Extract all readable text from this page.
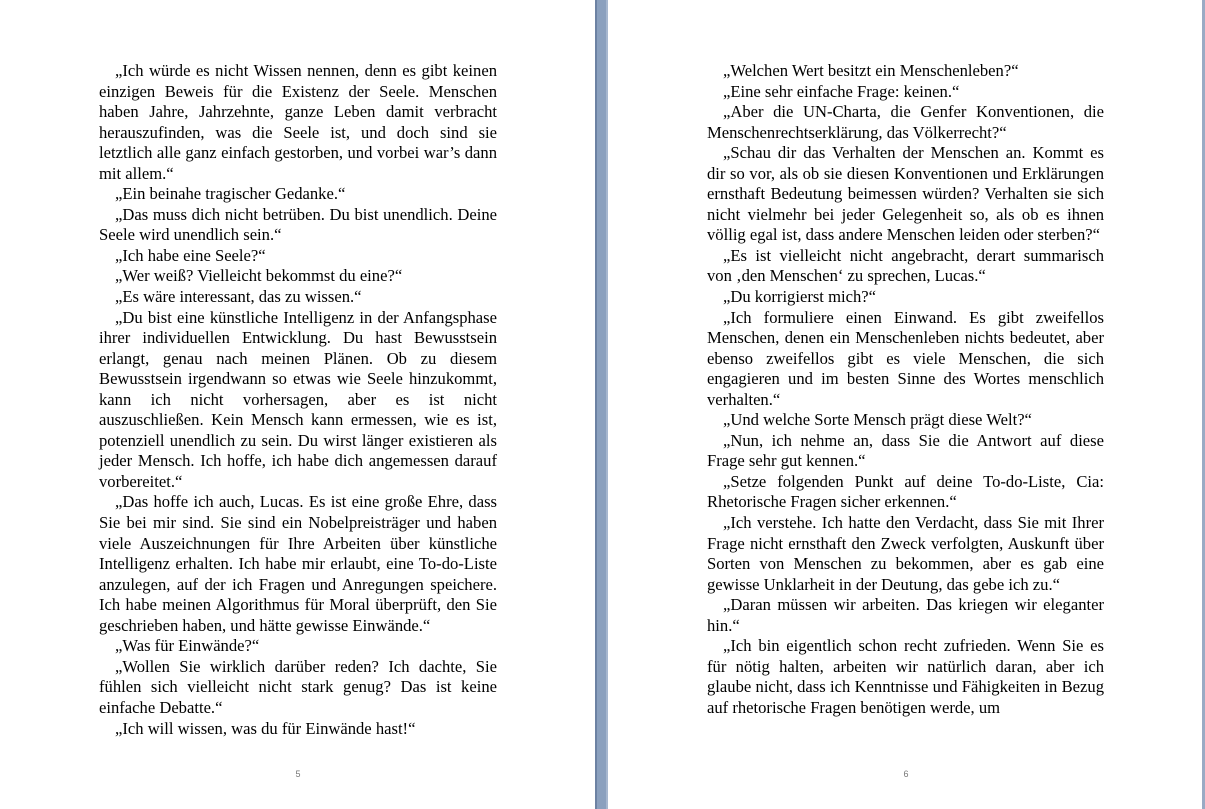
„Ich würde es nicht Wissen nennen, denn es gibt keinen einzigen Beweis für die Existenz der Seele. Menschen haben Jahre, Jahrzehnte, ganze Leben damit verbracht herauszufinden, was die Seele ist, und doch sind sie letztlich alle ganz einfach gestorben, und vorbei war’s dann mit allem.“

„Ein beinahe tragischer Gedanke.“

„Das muss dich nicht betrüben. Du bist unendlich. Deine Seele wird unendlich sein.“

„Ich habe eine Seele?“

„Wer weiß? Vielleicht bekommst du eine?“

„Es wäre interessant, das zu wissen.“

„Du bist eine künstliche Intelligenz in der Anfangsphase ihrer individuellen Entwicklung. Du hast Bewusstsein erlangt, genau nach meinen Plänen. Ob zu diesem Bewusstsein irgendwann so etwas wie Seele hinzukommt, kann ich nicht vorhersagen, aber es ist nicht auszuschließen. Kein Mensch kann ermessen, wie es ist, potenziell unendlich zu sein. Du wirst länger existieren als jeder Mensch. Ich hoffe, ich habe dich angemessen darauf vorbereitet.“

„Das hoffe ich auch, Lucas. Es ist eine große Ehre, dass Sie bei mir sind. Sie sind ein Nobelpreisträger und haben viele Auszeichnungen für Ihre Arbeiten über künstliche Intelligenz erhalten. Ich habe mir erlaubt, eine To-do-Liste anzulegen, auf der ich Fragen und Anregungen speichere. Ich habe meinen Algorithmus für Moral überprüft, den Sie geschrieben haben, und hätte gewisse Einwände.“

„Was für Einwände?“

„Wollen Sie wirklich darüber reden? Ich dachte, Sie fühlen sich vielleicht nicht stark genug? Das ist keine einfache Debatte.“

„Ich will wissen, was du für Einwände hast!“

5

„Welchen Wert besitzt ein Menschenleben?“

„Eine sehr einfache Frage: keinen.“

„Aber die UN-Charta, die Genfer Konventionen, die Menschenrechtserklärung, das Völkerrecht?“

„Schau dir das Verhalten der Menschen an. Kommt es dir so vor, als ob sie diesen Konventionen und Erklärungen ernsthaft Bedeutung beimessen würden? Verhalten sie sich nicht vielmehr bei jeder Gelegenheit so, als ob es ihnen völlig egal ist, dass andere Menschen leiden oder sterben?“

„Es ist vielleicht nicht angebracht, derart summarisch von ‚den Menschen‘ zu sprechen, Lucas.“

„Du korrigierst mich?“

„Ich formuliere einen Einwand. Es gibt zweifellos Menschen, denen ein Menschenleben nichts bedeutet, aber ebenso zweifellos gibt es viele Menschen, die sich engagieren und im besten Sinne des Wortes menschlich verhalten.“

„Und welche Sorte Mensch prägt diese Welt?“

„Nun, ich nehme an, dass Sie die Antwort auf diese Frage sehr gut kennen.“

„Setze folgenden Punkt auf deine To-do-Liste, Cia: Rhetorische Fragen sicher erkennen.“

„Ich verstehe. Ich hatte den Verdacht, dass Sie mit Ihrer Frage nicht ernsthaft den Zweck verfolgten, Auskunft über Sorten von Menschen zu bekommen, aber es gab eine gewisse Unklarheit in der Deutung, das gebe ich zu.“

„Daran müssen wir arbeiten. Das kriegen wir eleganter hin.“

„Ich bin eigentlich schon recht zufrieden. Wenn Sie es für nötig halten, arbeiten wir natürlich daran, aber ich glaube nicht, dass ich Kenntnisse und Fähigkeiten in Bezug auf rhetorische Fragen benötigen werde, um

6
